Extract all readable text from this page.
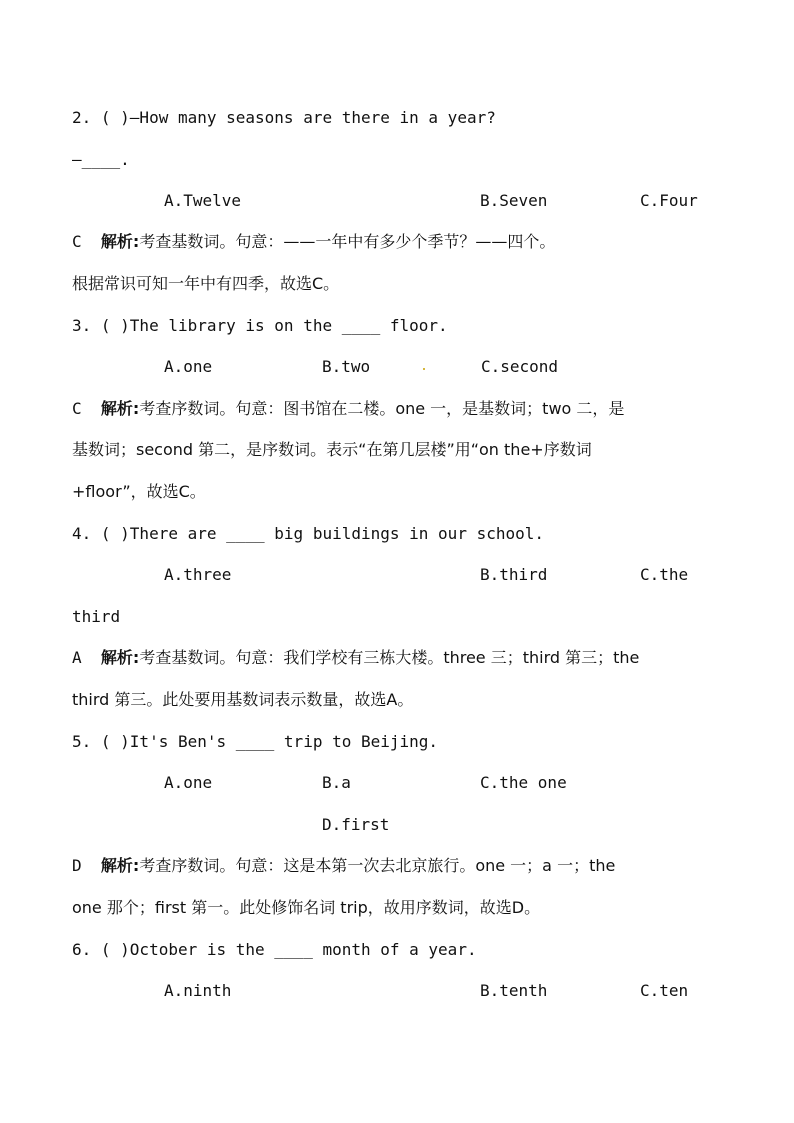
2. ( )—How many seasons are there in a year?
—____.
A.Twelve	B.Seven	C.Four
C 解析:考查基数词。句意：——一年中有多少个季节？——四个。
根据常识可知一年中有四季，故选C。
3. ( )The library is on the ____ floor.
A.one	B.two	C.second
C 解析:考查序数词。句意：图书馆在二楼。one 一，是基数词；two 二，是
基数词；second 第二，是序数词。表示“在第几层楼”用“on the+序数词
+floor”，故选C。
4. ( )There are ____ big buildings in our school.
A.three	B.third	C.the
third
A 解析:考查基数词。句意：我们学校有三栋大楼。three 三；third 第三；the
third 第三。此处要用基数词表示数量，故选A。
5. ( )It's Ben's ____ trip to Beijing.
A.one	B.a	C.the one
D.first
D 解析:考查序数词。句意：这是本第一次去北京旅行。one 一；a 一；the
one 那个；first 第一。此处修饰名词 trip，故用序数词，故选D。
6. ( )October is the ____ month of a year.
A.ninth	B.tenth	C.ten
